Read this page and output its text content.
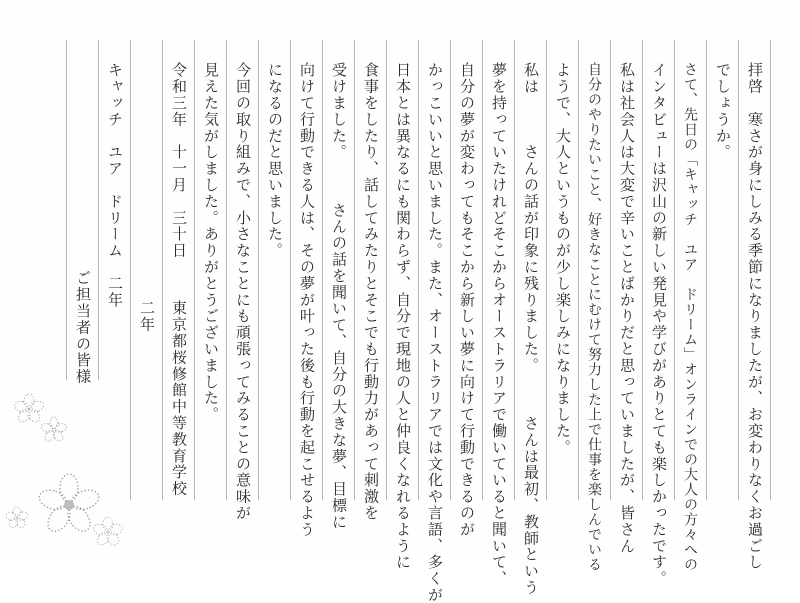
拝啓　寒さが身にしみる季節になりましたが、お変わりなくお過ごし
でしょうか。
さて、先日の「キャッチ　ユア　ドリーム」オンラインでの大人の方々への
インタビューは沢山の新しい発見や学びがありとても楽しかったです。
私は社会人は大変で辛いことばかりだと思っていましたが、皆さん
自分のやりたいこと、好きなことにむけて努力した上で仕事を楽しんでいる
ようで、大人というものが少し楽しみになりました。
私は　　　さんの話が印象に残りました。　　　さんは最初、教師という
夢を持っていたけれどそこからオーストラリアで働いていると聞いて、
自分の夢が変わってもそこから新しい夢に向けて行動できるのが
かっこいいと思いました。また、オーストラリアでは文化や言語、多くが
日本とは異なるにも関わらず、自分で現地の人と仲良くなれるように
食事をしたり、話してみたりとそこでも行動力があって刺激を
受けました。　　　さんの話を聞いて、自分の大きな夢、目標に
向けて行動できる人は、その夢が叶った後も行動を起こせるよう
になるのだと思いました。
今回の取り組みで、小さなことにも頑張ってみることの意味が
見えた気がしました。ありがとうございました。
令和三年　十一月　三十日
東京都桜修館中等教育学校
二年
キャッチ　ユア　ドリーム　二年
ご担当者の皆様
